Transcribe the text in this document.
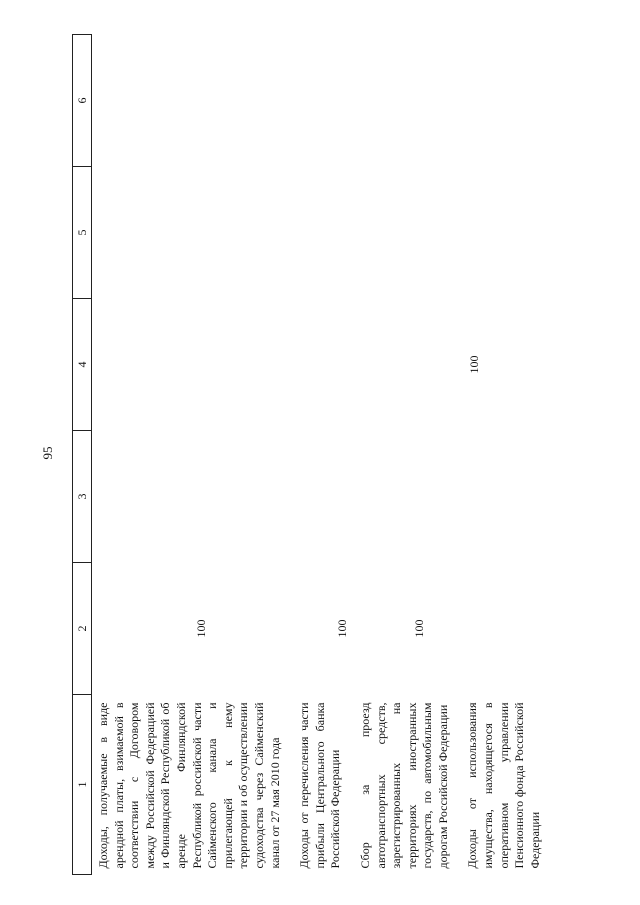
95
1	2	3	4	5	6
Доходы, получаемые в виде арендной платы, взимаемой в соответствии с Договором между Российской Федерацией и Финляндской Республикой об аренде Финляндской Республикой российской части Сайменского канала и прилегающей к нему территории и об осуществлении судоходства через Сайменский канал от 27 мая 2010 года	100				
Доходы от перечисления части прибыли Центрального банка Российской Федерации	100				
Сбор за проезд автотранспортных средств, зарегистрированных на территориях иностранных государств, по автомобильным дорогам Российской Федерации	100				
Доходы от использования имущества, находящегося в оперативном управлении Пенсионного фонда Российской Федерации			100		
